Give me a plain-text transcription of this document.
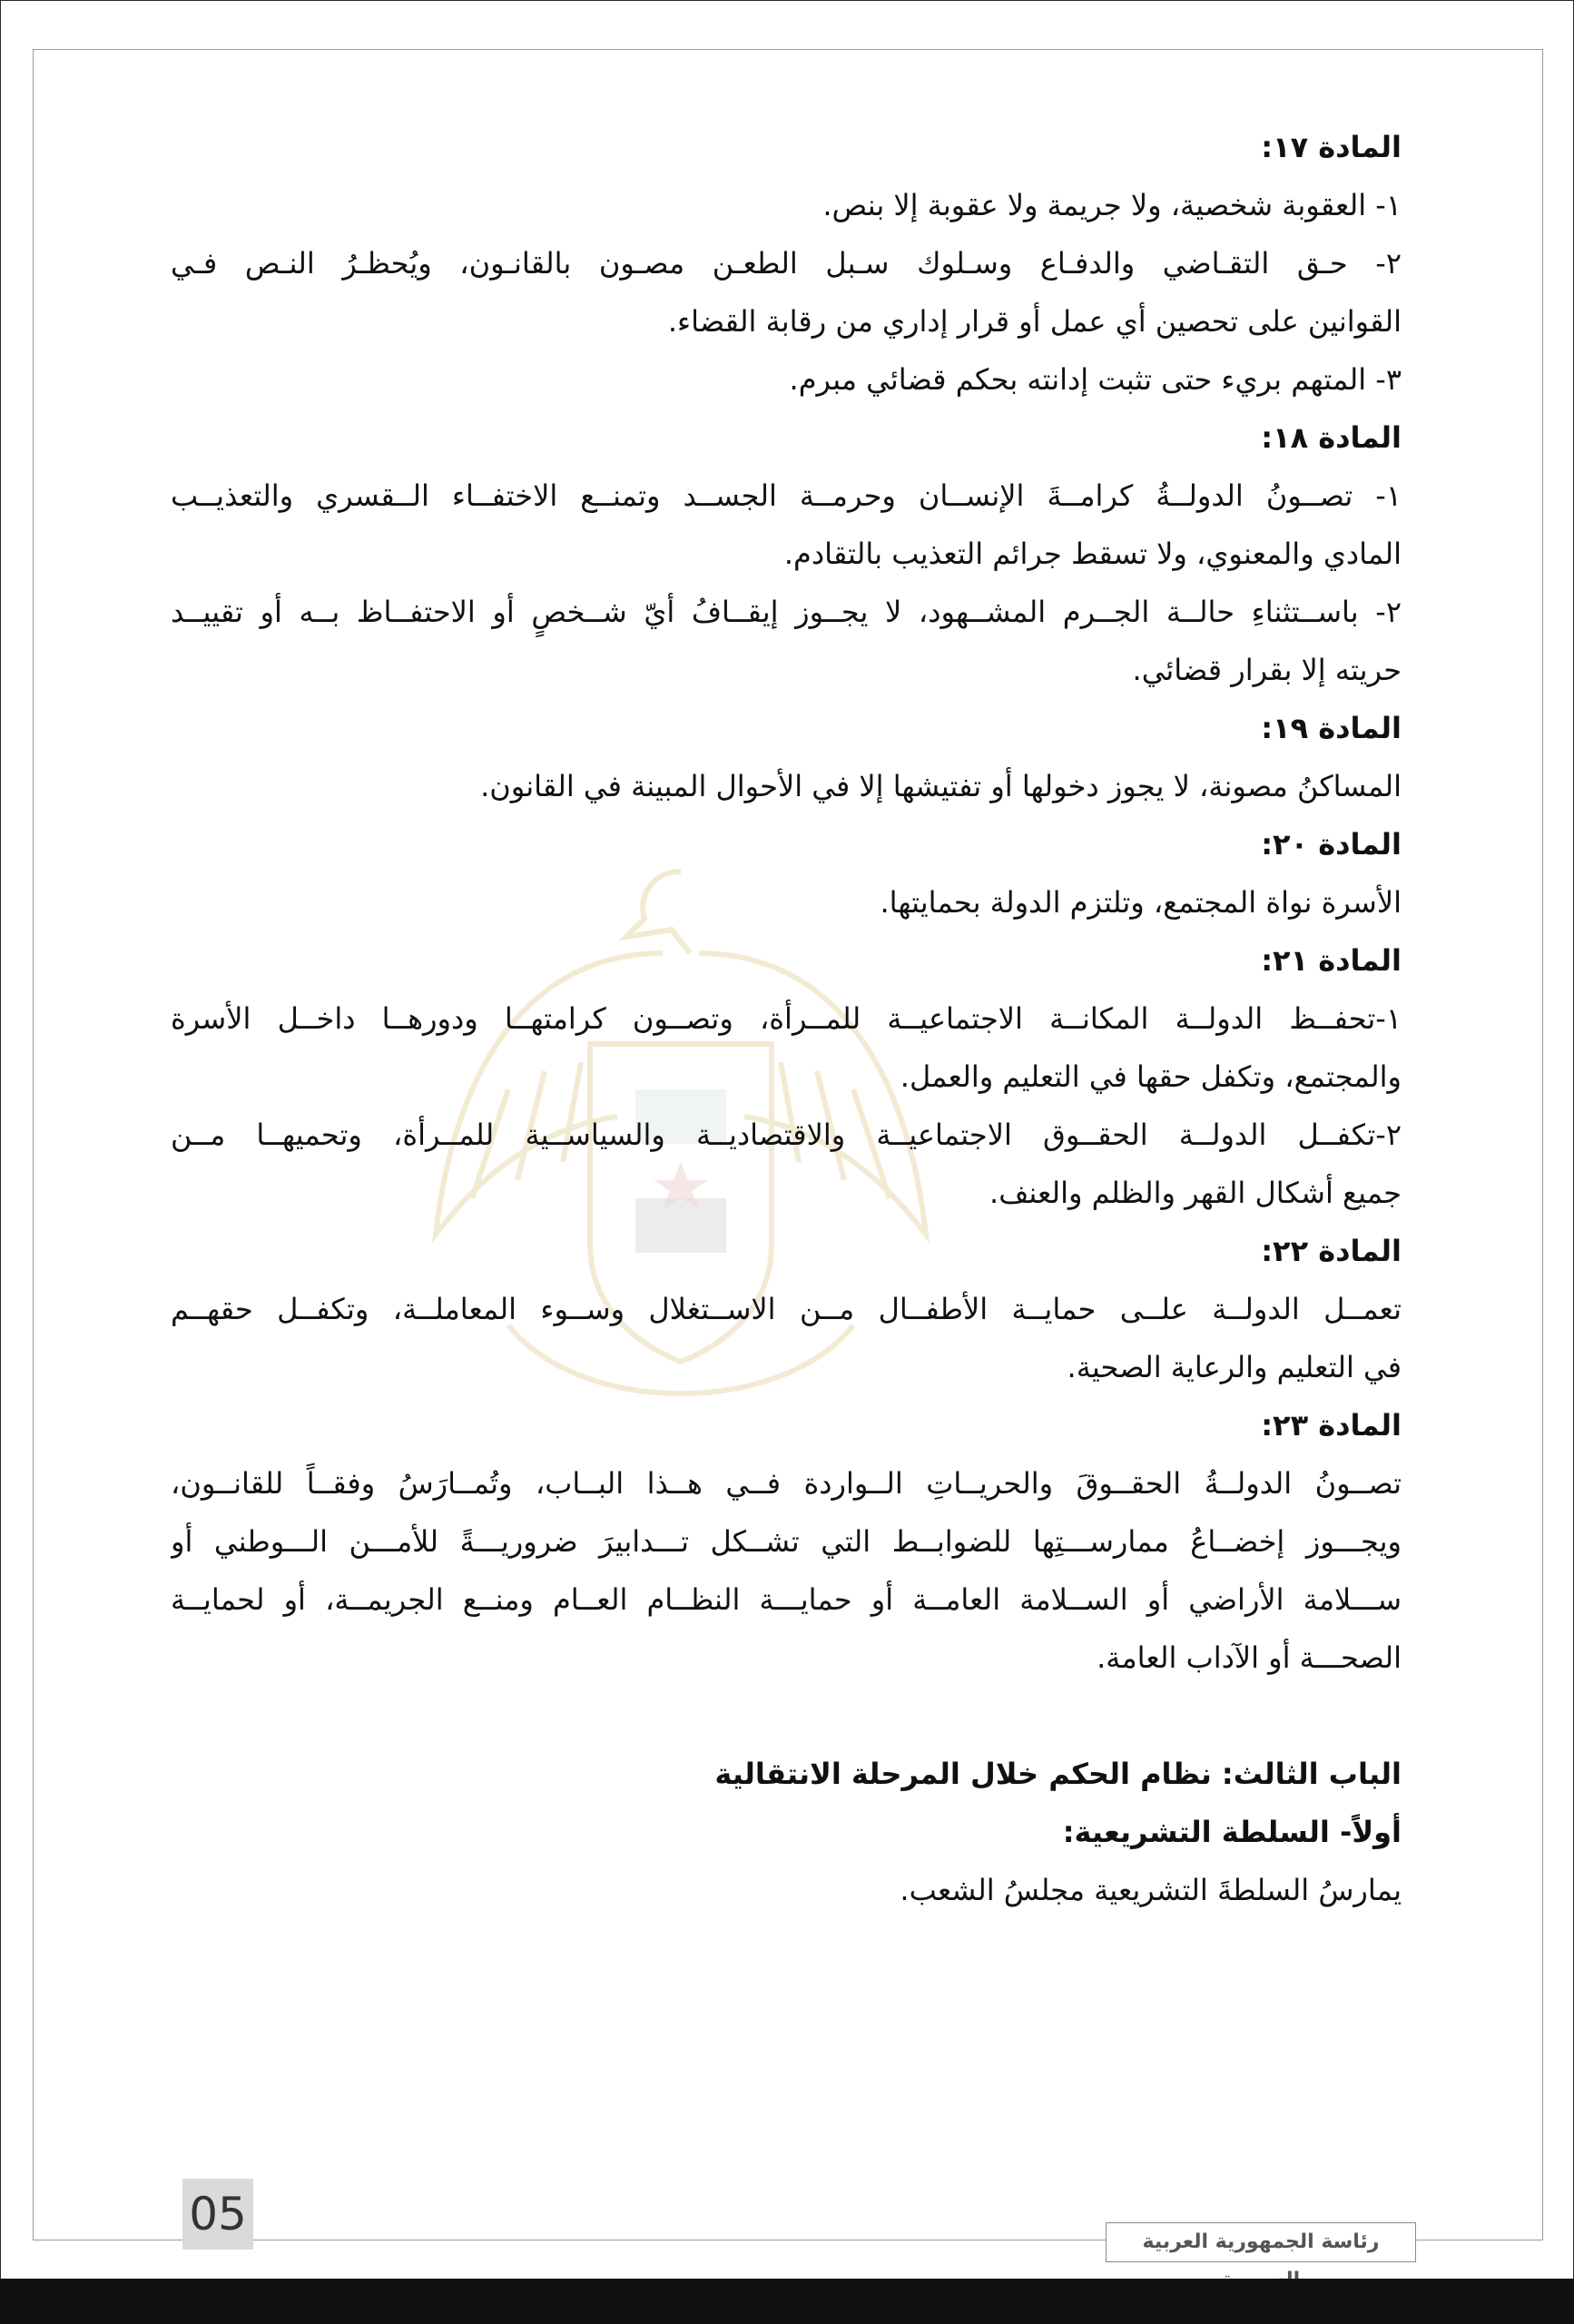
المادة ١٧:
١- العقوبة شخصية، ولا جريمة ولا عقوبة إلا بنص.
٢- حـق التقـاضي والدفـاع وسـلوك سـبل الطعـن مصـون بالقانـون، ويُحظـرُ النـص فـي
القوانين على تحصين أي عمل أو قرار إداري من رقابة القضاء.
٣- المتهم بريء حتى تثبت إدانته بحكم قضائي مبرم.
المادة ١٨:
١- تصــونُ الدولــةُ كرامــةَ الإنســان وحرمــة الجســد وتمنــع الاختفــاء الــقسري والتعذيــب
المادي والمعنوي، ولا تسقط جرائم التعذيب بالتقادم.
٢- باســتثناءِ حالــة الجــرم المشــهود، لا يجــوز إيقــافُ أيّ شــخصٍ أو الاحتفــاظ بــه أو تقييــد
حريته إلا بقرار قضائي.
المادة ١٩:
المساكنُ مصونة، لا يجوز دخولها أو تفتيشها إلا في الأحوال المبينة في القانون.
المادة ٢٠:
الأسرة نواة المجتمع، وتلتزم الدولة بحمايتها.
المادة ٢١:
١-تحفــظ الدولــة المكانــة الاجتماعيــة للمــرأة، وتصــون كرامتهــا ودورهــا داخــل الأسرة
والمجتمع، وتكفل حقها في التعليم والعمل.
٢-تكفــل الدولــة الحقــوق الاجتماعيــة والاقتصاديــة والسياســية للمــرأة، وتحميهــا مــن
جميع أشكال القهر والظلم والعنف.
المادة ٢٢:
تعمــل الدولــة علــى حمايــة الأطفــال مــن الاســتغلال وســوء المعاملــة، وتكفــل حقهــم
في التعليم والرعاية الصحية.
المادة ٢٣:
تصــونُ الدولــةُ الحقــوقَ والحريــاتِ الــواردة فــي هــذا البــاب، وتُمــارَسُ وفقــاً للقانــون،
ويجـــوز إخضــاعُ ممارســـتِها للضوابــط التي تشــكل تـــدابيرَ ضروريـــةً للأمـــن الـــوطني أو
ســـلامة الأراضي أو الســلامة العامــة أو حمايـــة النظــام العــام ومنــع الجريمــة، أو لحمايــة
الصحـــة أو الآداب العامة.
الباب الثالث: نظام الحكم خلال المرحلة الانتقالية
أولاً- السلطة التشريعية:
يمارسُ السلطةَ التشريعية مجلسُ الشعب.
05
رئاسة الجمهورية العربية
